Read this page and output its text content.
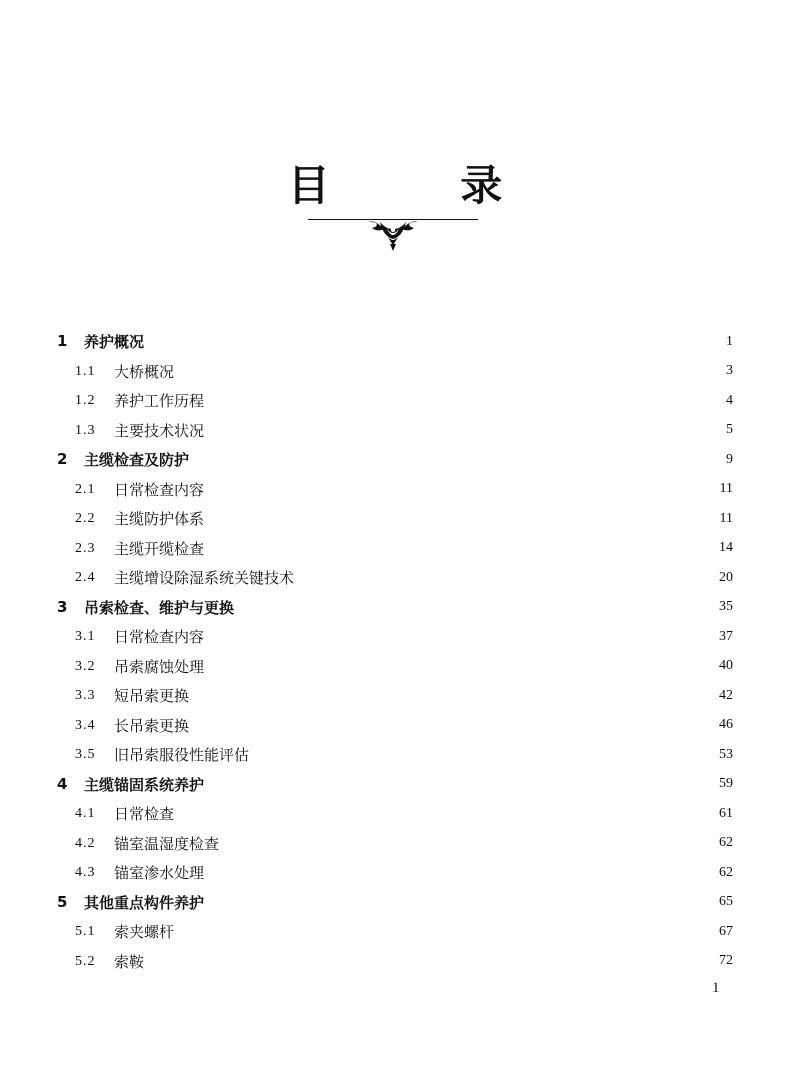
目 录
1 养护概况	1
1.1 大桥概况	3
1.2 养护工作历程	4
1.3 主要技术状况	5
2 主缆检查及防护	9
2.1 日常检查内容	11
2.2 主缆防护体系	11
2.3 主缆开缆检查	14
2.4 主缆增设除湿系统关键技术	20
3 吊索检查、维护与更换	35
3.1 日常检查内容	37
3.2 吊索腐蚀处理	40
3.3 短吊索更换	42
3.4 长吊索更换	46
3.5 旧吊索服役性能评估	53
4 主缆锚固系统养护	59
4.1 日常检查	61
4.2 锚室温湿度检查	62
4.3 锚室渗水处理	62
5 其他重点构件养护	65
5.1 索夹螺杆	67
5.2 索鞍	72
1
